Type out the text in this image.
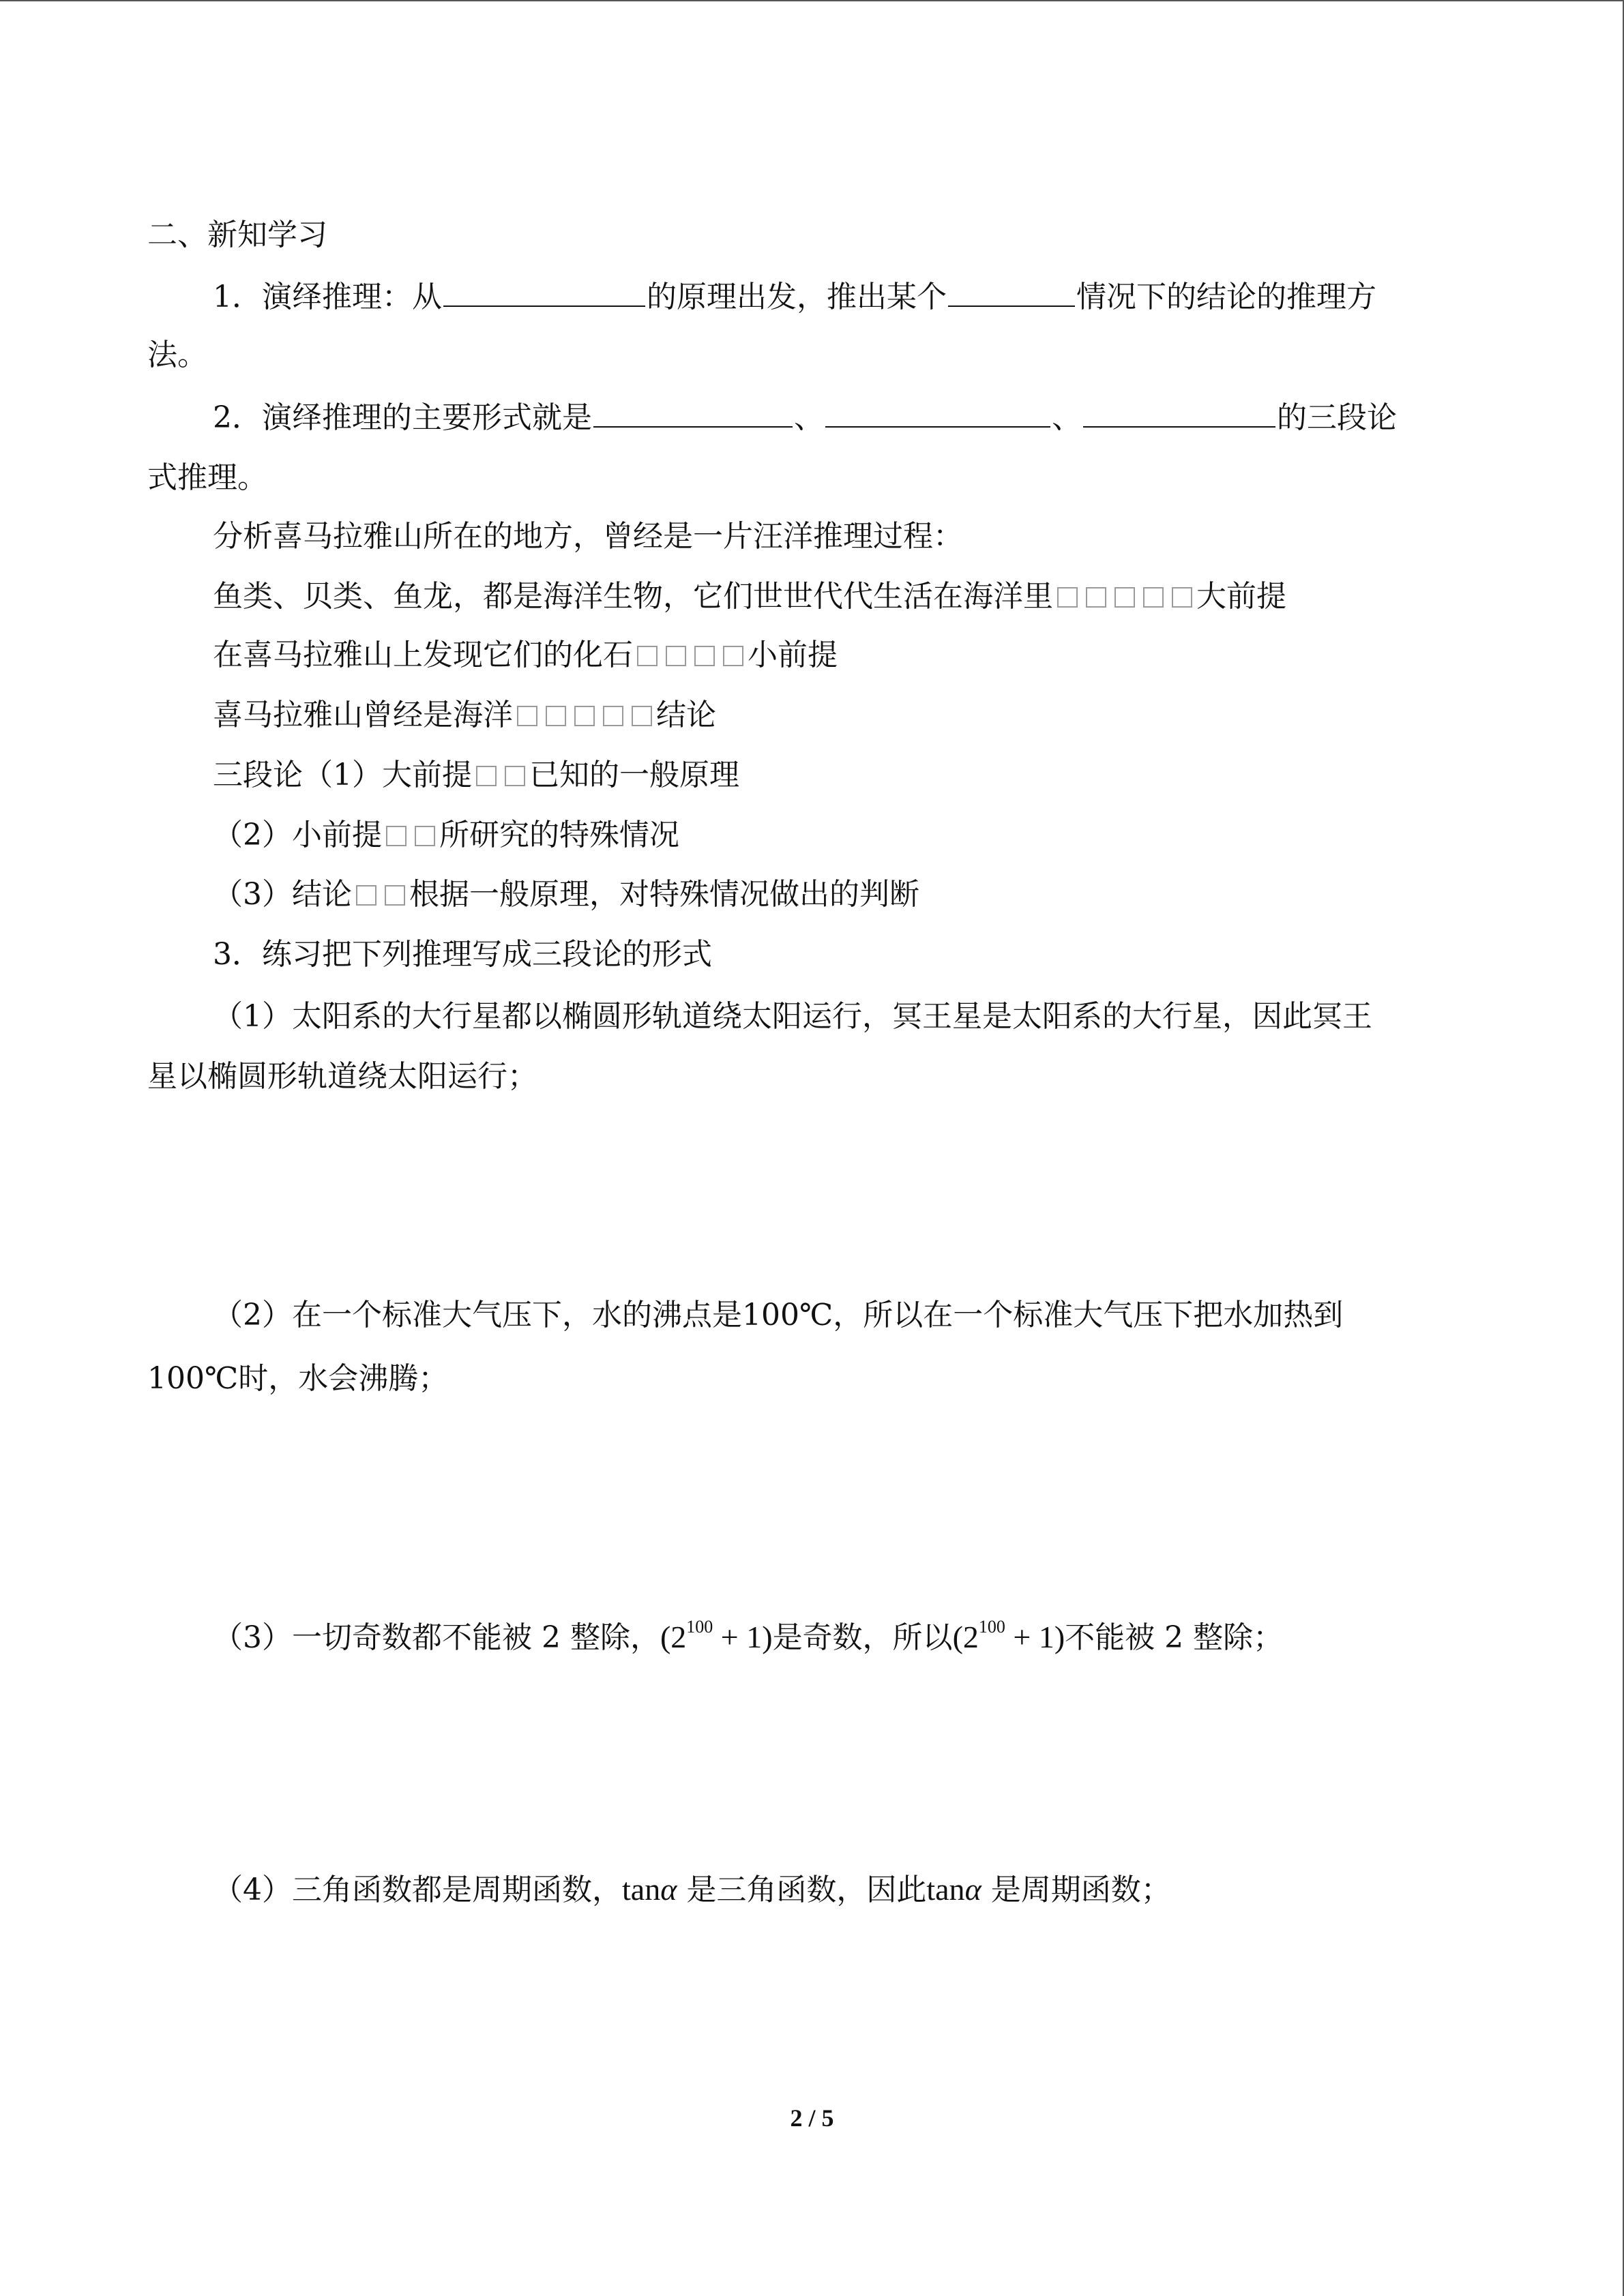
二、新知学习
1．演绎推理：从	的原理出发，推出某个	情况下的结论的推理方
法。
2．演绎推理的主要形式就是	、	、	的三段论
式推理。
分析喜马拉雅山所在的地方，曾经是一片汪洋推理过程：
鱼类、贝类、鱼龙，都是海洋生物，它们世世代代生活在海洋里	大前提
在喜马拉雅山上发现它们的化石	小前提
喜马拉雅山曾经是海洋	结论
三段论（1）大前提 已知的一般原理
（2）小前提 所研究的特殊情况
（3）结论 根据一般原理，对特殊情况做出的判断
3．练习把下列推理写成三段论的形式
（1）太阳系的大行星都以椭圆形轨道绕太阳运行，冥王星是太阳系的大行星，因此冥王
星以椭圆形轨道绕太阳运行；
（2）在一个标准大气压下，水的沸点是100℃，所以在一个标准大气压下把水加热到
100℃时，水会沸腾；
（3）一切奇数都不能被 2 整除，$(2^{100} + 1)$是奇数，所以$(2^{100} + 1)$不能被 2 整除；
（4）三角函数都是周期函数，tanα 是三角函数，因此tanα 是周期函数；
2 / 5
